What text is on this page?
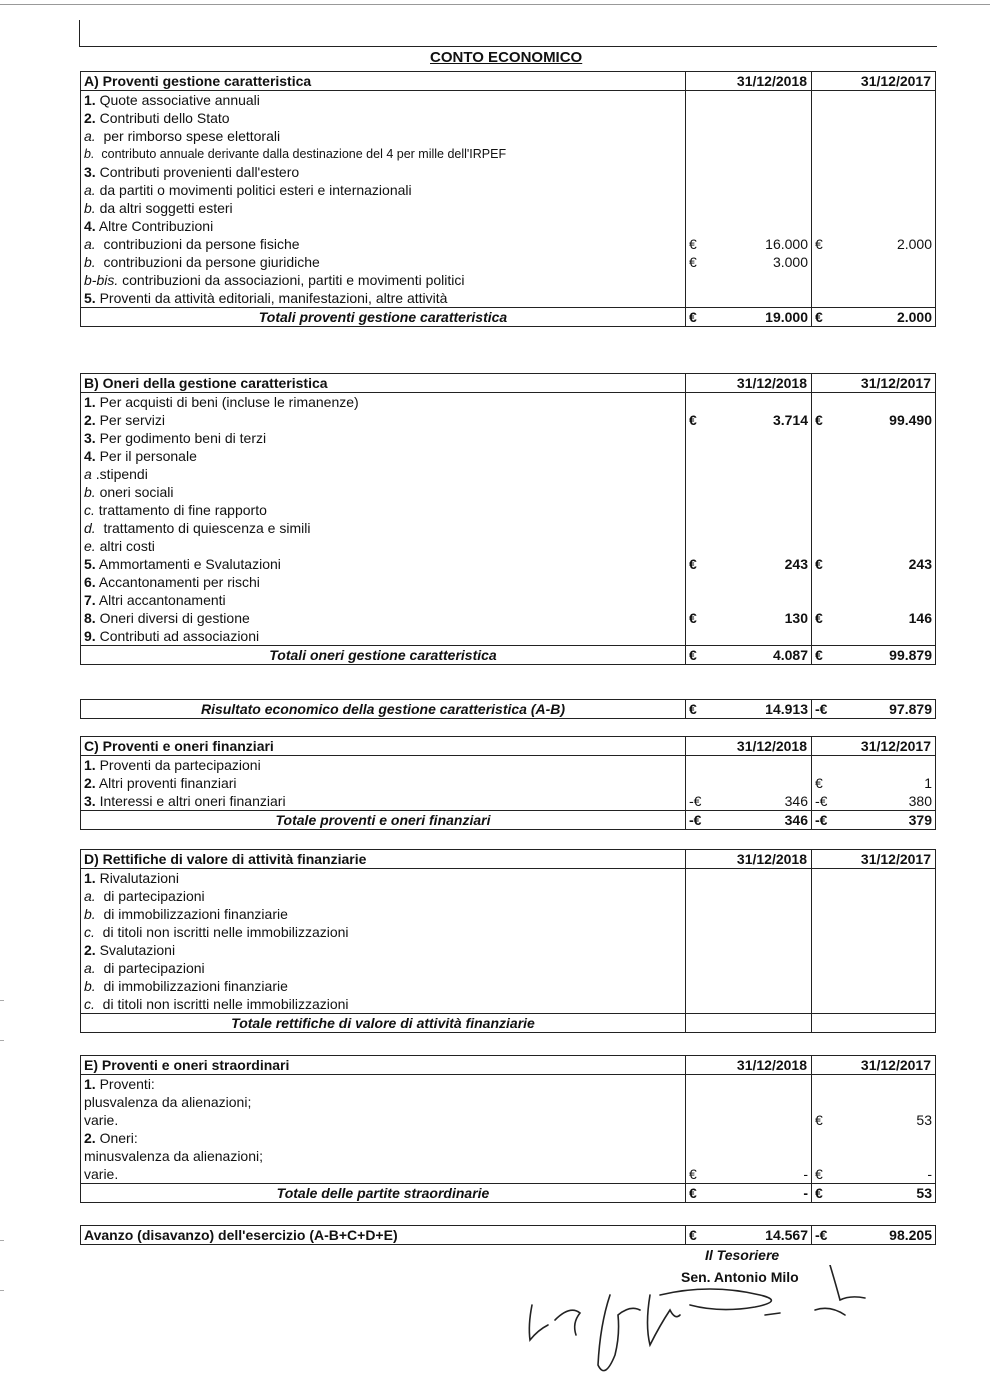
CONTO ECONOMICO
A) Proventi gestione caratteristica	31/12/2018	31/12/2017
1. Quote associative annuali		
2. Contributi dello Stato		
a. per rimborso spese elettorali		
b. contributo annuale derivante dalla destinazione del 4 per mille dell'IRPEF		
3. Contributi provenienti dall'estero		
a. da partiti o movimenti politici esteri e internazionali		
b. da altri soggetti esteri		
4. Altre Contribuzioni		
a. contribuzioni da persone fisiche	€ 16.000	€ 2.000
b. contribuzioni da persone giuridiche	€ 3.000	
b-bis. contribuzioni da associazioni, partiti e movimenti politici		
5. Proventi da attività editoriali, manifestazioni, altre attività		
Totali proventi gestione caratteristica	€ 19.000	€ 2.000
B) Oneri della gestione caratteristica	31/12/2018	31/12/2017
1. Per acquisti di beni (incluse le rimanenze)		
2. Per servizi	€ 3.714	€ 99.490
3. Per godimento beni di terzi		
4. Per il personale		
a .stipendi		
b. oneri sociali		
c. trattamento di fine rapporto		
d. trattamento di quiescenza e simili		
e. altri costi		
5. Ammortamenti e Svalutazioni	€ 243	€ 243
6. Accantonamenti per rischi		
7. Altri accantonamenti		
8. Oneri diversi di gestione	€ 130	€ 146
9. Contributi ad associazioni		
Totali oneri gestione caratteristica	€ 4.087	€ 99.879
Risultato economico della gestione caratteristica (A-B)	€	14.913	-€	97.879
C) Proventi e oneri finanziari	31/12/2018	31/12/2017
1. Proventi da partecipazioni		
2. Altri proventi finanziari		€ 1
3. Interessi e altri oneri finanziari	-€ 346	-€ 380
Totale proventi e oneri finanziari	-€ 346	-€ 379
D) Rettifiche di valore di attività finanziarie	31/12/2018	31/12/2017
1. Rivalutazioni		
a. di partecipazioni		
b. di immobilizzazioni finanziarie		
c. di titoli non iscritti nelle immobilizzazioni		
2. Svalutazioni		
a. di partecipazioni		
b. di immobilizzazioni finanziarie		
c. di titoli non iscritti nelle immobilizzazioni		
Totale rettifiche di valore di attività finanziarie		
E) Proventi e oneri straordinari	31/12/2018	31/12/2017
1. Proventi:		
plusvalenza da alienazioni;		
varie.		€ 53
2. Oneri:		
minusvalenza da alienazioni;		
varie.	€ -	€ -
Totale delle partite straordinarie	€ -	€ 53
Avanzo (disavanzo) dell'esercizio (A-B+C+D+E)	€	14.567	-€	98.205
Il Tesoriere
Sen. Antonio Milo
